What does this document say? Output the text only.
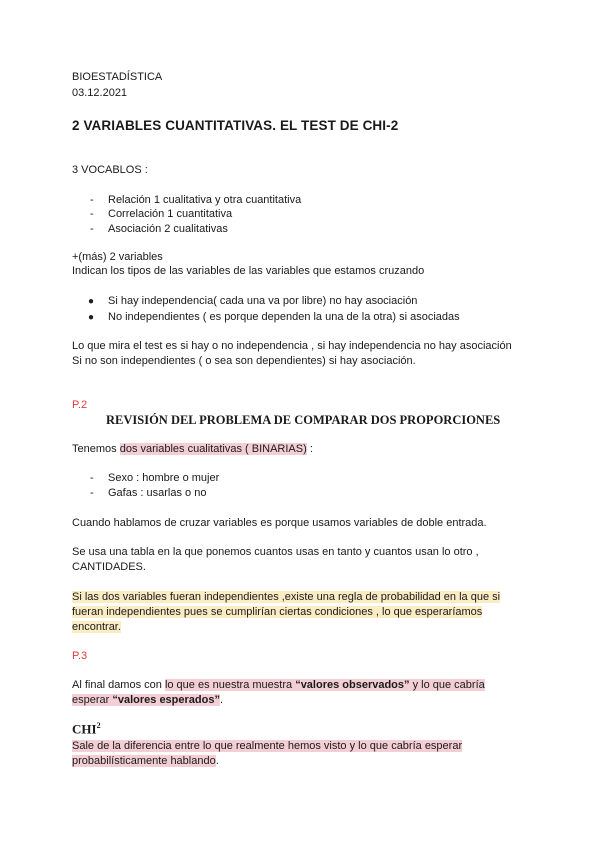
BIOESTADÍSTICA
03.12.2021
2 VARIABLES CUANTITATIVAS. EL TEST DE CHI-2
3 VOCABLOS :
- Relación 1 cualitativa y otra cuantitativa
- Correlación 1 cuantitativa
- Asociación 2 cualitativas
+(más) 2 variables
Indican los tipos de las variables de las variables que estamos cruzando
● Si hay independencia( cada una va por libre) no hay asociación
● No independientes ( es porque dependen la una de la otra) si asociadas
Lo que mira el test es si hay o no independencia , si hay independencia no hay asociación
Si no son independientes ( o sea son dependientes) si hay asociación.
P.2
REVISIÓN DEL PROBLEMA DE COMPARAR DOS PROPORCIONES
Tenemos dos variables cualitativas ( BINARIAS) :
- Sexo : hombre o mujer
- Gafas : usarlas o no
Cuando hablamos de cruzar variables es porque usamos variables de doble entrada.
Se usa una tabla en la que ponemos cuantos usas en tanto y cuantos usan lo otro ,
CANTIDADES.
Si las dos variables fueran independientes ,existe una regla de probabilidad en la que si
fueran independientes pues se cumplirían ciertas condiciones , lo que esperaríamos
encontrar.
P.3
Al final damos con lo que es nuestra muestra “valores observados” y lo que cabría
esperar “valores esperados”.
CHI$^2$
Sale de la diferencia entre lo que realmente hemos visto y lo que cabría esperar
probabilísticamente hablando.
